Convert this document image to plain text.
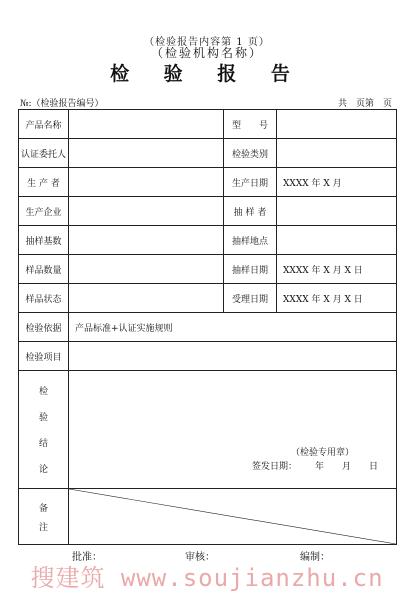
（检验报告内容第 1 页）
（检验机构名称）
检 验 报 告
№:（检验报告编号）	共　页第　页
产品名称		型　　号	
认证委托人		检验类别	
生 产 者		生产日期	XXXX 年 X 月
生产企业		抽 样 者	
抽样基数		抽样地点	
样品数量		抽样日期	XXXX 年 X 月 X 日
样品状态		受理日期	XXXX 年 X 月 X 日
检验依据	产品标准+认证实施规则		
检验项目			

检
验
结
论	（检验专用章）
签发日期： 年　　月　　日		

备
注

批准：	审核：	编制：
搜建筑 www.soujianzhu.cn
